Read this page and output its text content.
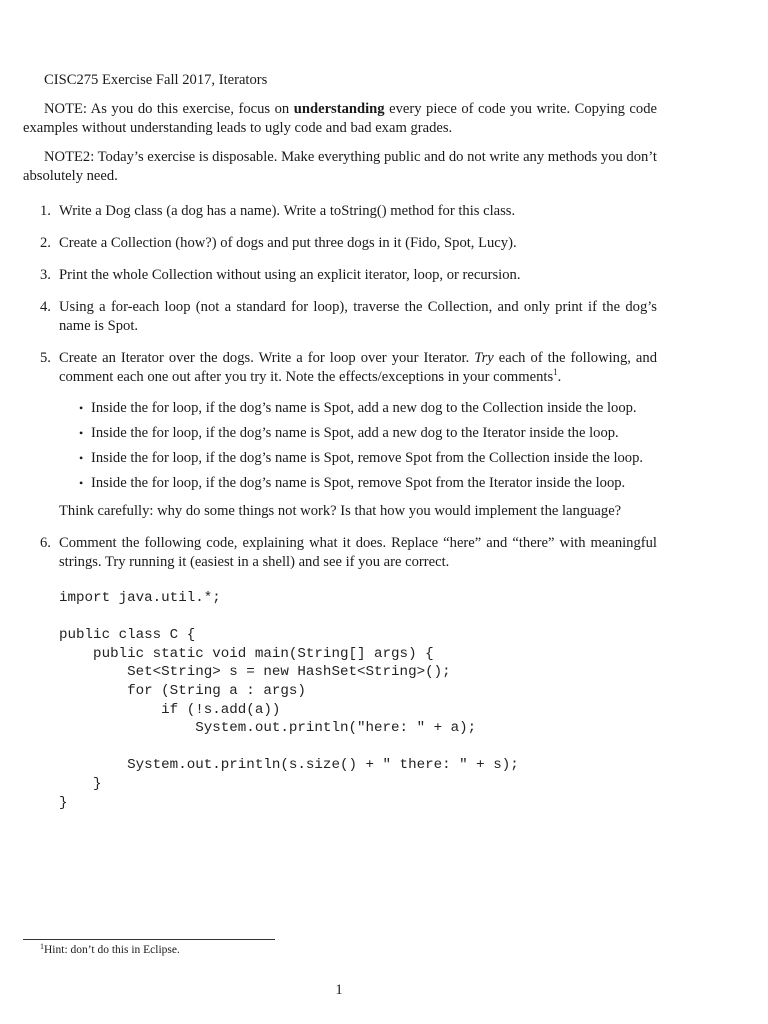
CISC275 Exercise Fall 2017, Iterators

NOTE: As you do this exercise, focus on understanding every piece of code you write. Copying code examples without understanding leads to ugly code and bad exam grades.

NOTE2: Today’s exercise is disposable. Make everything public and do not write any methods you don’t absolutely need.

1. Write a Dog class (a dog has a name). Write a toString() method for this class.
2. Create a Collection (how?) of dogs and put three dogs in it (Fido, Spot, Lucy).
3. Print the whole Collection without using an explicit iterator, loop, or recursion.
4. Using a for-each loop (not a standard for loop), traverse the Collection, and only print if the dog’s name is Spot.
5. Create an Iterator over the dogs. Write a for loop over your Iterator. Try each of the following, and comment each one out after you try it. Note the effects/exceptions in your comments$^1$.
• Inside the for loop, if the dog’s name is Spot, add a new dog to the Collection inside the loop.
• Inside the for loop, if the dog’s name is Spot, add a new dog to the Iterator inside the loop.
• Inside the for loop, if the dog’s name is Spot, remove Spot from the Collection inside the loop.
• Inside the for loop, if the dog’s name is Spot, remove Spot from the Iterator inside the loop.
Think carefully: why do some things not work? Is that how you would implement the language?
6. Comment the following code, explaining what it does. Replace “here” and “there” with meaningful strings. Try running it (easiest in a shell) and see if you are correct.
import java.util.*;
public class C {
public static void main(String[] args) {
Set<String> s = new HashSet<String>();
for (String a : args)
if (!s.add(a))
System.out.println("here: " + a);
System.out.println(s.size() + " there: " + s);
}
}
$^1$Hint: don’t do this in Eclipse.
1
